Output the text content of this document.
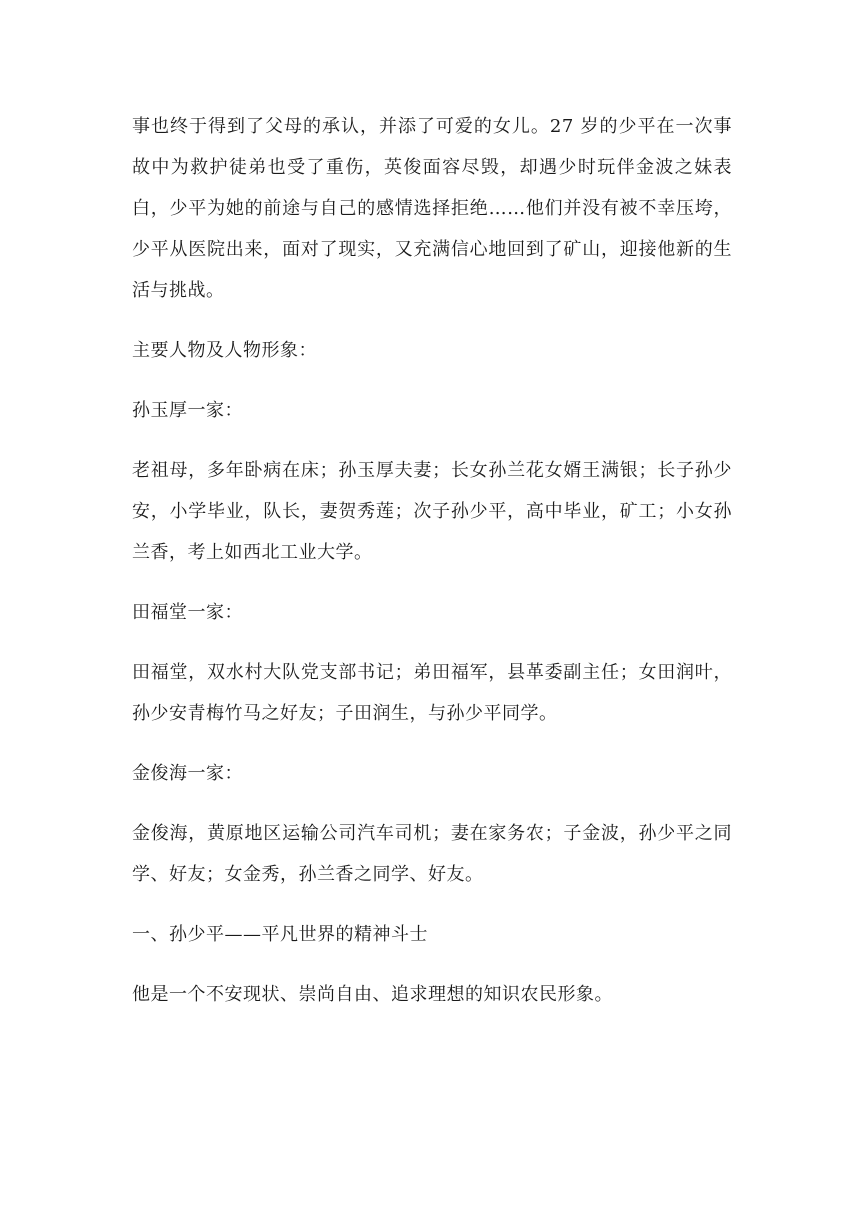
事也终于得到了父母的承认，并添了可爱的女儿。27 岁的少平在一次事故中为救护徒弟也受了重伤，英俊面容尽毁，却遇少时玩伴金波之妹表白，少平为她的前途与自己的感情选择拒绝……他们并没有被不幸压垮，少平从医院出来，面对了现实，又充满信心地回到了矿山，迎接他新的生活与挑战。

主要人物及人物形象：

孙玉厚一家：

老祖母，多年卧病在床；孙玉厚夫妻；长女孙兰花女婿王满银；长子孙少安，小学毕业，队长，妻贺秀莲；次子孙少平，高中毕业，矿工；小女孙兰香，考上如西北工业大学。

田福堂一家：

田福堂，双水村大队党支部书记；弟田福军，县革委副主任；女田润叶，孙少安青梅竹马之好友；子田润生，与孙少平同学。

金俊海一家：

金俊海，黄原地区运输公司汽车司机；妻在家务农；子金波，孙少平之同学、好友；女金秀，孙兰香之同学、好友。

一、孙少平——平凡世界的精神斗士

他是一个不安现状、崇尚自由、追求理想的知识农民形象。
